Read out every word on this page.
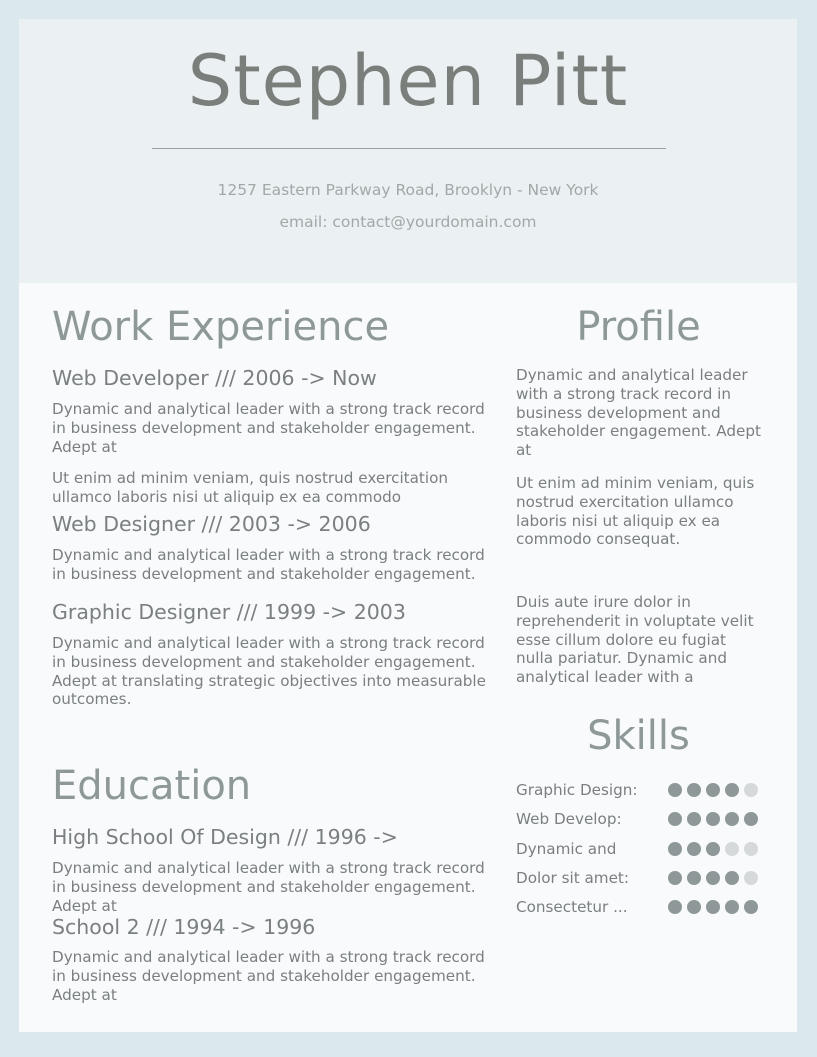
Stephen Pitt
1257 Eastern Parkway Road, Brooklyn - New York
email: contact@yourdomain.com
Work Experience
Web Developer /// 2006 -> Now
Dynamic and analytical leader with a strong track record in business development and stakeholder engagement. Adept at
Ut enim ad minim veniam, quis nostrud exercitation ullamco laboris nisi ut aliquip ex ea commodo
Web Designer /// 2003 -> 2006
Dynamic and analytical leader with a strong track record in business development and stakeholder engagement.
Graphic Designer /// 1999 -> 2003
Dynamic and analytical leader with a strong track record in business development and stakeholder engagement. Adept at translating strategic objectives into measurable outcomes.
Education
High School Of Design /// 1996 ->
Dynamic and analytical leader with a strong track record in business development and stakeholder engagement. Adept at
School 2 /// 1994 -> 1996
Dynamic and analytical leader with a strong track record in business development and stakeholder engagement. Adept at
Profile
Dynamic and analytical leader with a strong track record in business development and stakeholder engagement. Adept at
Ut enim ad minim veniam, quis nostrud exercitation ullamco laboris nisi ut aliquip ex ea commodo consequat.
Duis aute irure dolor in reprehenderit in voluptate velit esse cillum dolore eu fugiat nulla pariatur. Dynamic and analytical leader with a
Skills
Graphic Design:
Web Develop:
Dynamic and
Dolor sit amet:
Consectetur ...
